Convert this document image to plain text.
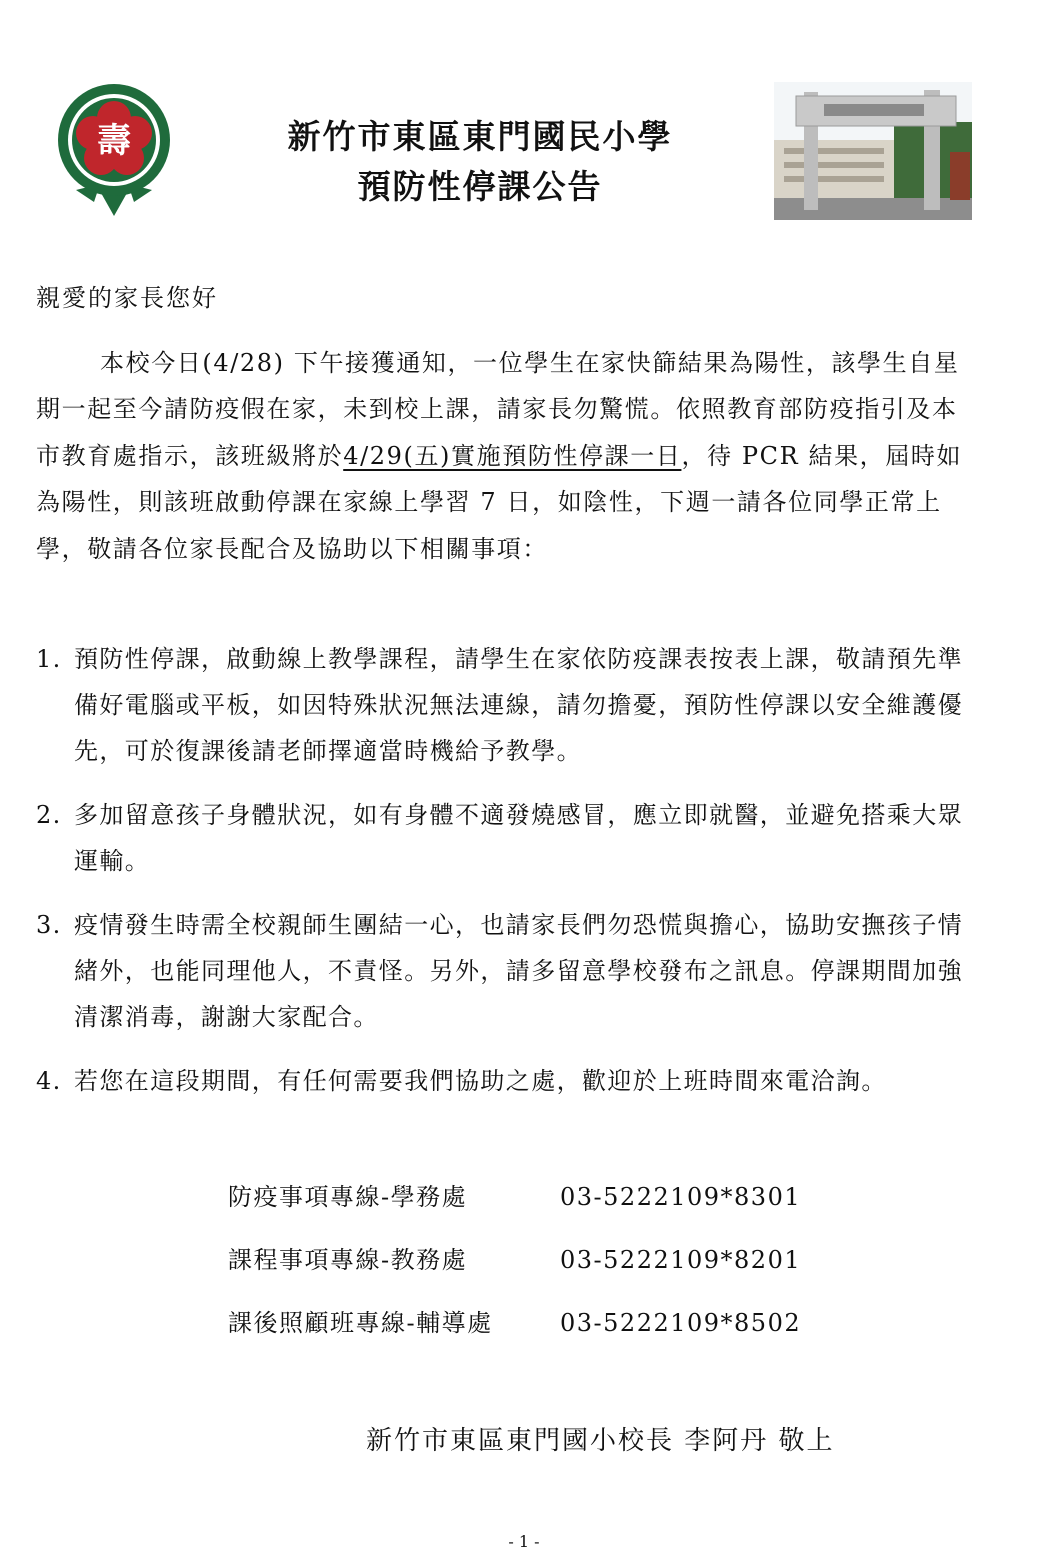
壽	新竹市東區東門國民小學
預防性停課公告
親愛的家長您好

本校今日(4/28) 下午接獲通知，一位學生在家快篩結果為陽性，該學生自星期一起至今請防疫假在家，未到校上課，請家長勿驚慌。依照教育部防疫指引及本市教育處指示，該班級將於4/29(五)實施預防性停課一日，待 PCR 結果，屆時如為陽性，則該班啟動停課在家線上學習 7 日，如陰性，下週一請各位同學正常上學，敬請各位家長配合及協助以下相關事項：

1. 預防性停課，啟動線上教學課程，請學生在家依防疫課表按表上課，敬請預先準備好電腦或平板，如因特殊狀況無法連線，請勿擔憂，預防性停課以安全維護優先，可於復課後請老師擇適當時機給予教學。
2. 多加留意孩子身體狀況，如有身體不適發燒感冒，應立即就醫，並避免搭乘大眾運輸。
3. 疫情發生時需全校親師生團結一心，也請家長們勿恐慌與擔心，協助安撫孩子情緒外，也能同理他人，不責怪。另外，請多留意學校發布之訊息。停課期間加強清潔消毒，謝謝大家配合。
4. 若您在這段期間，有任何需要我們協助之處，歡迎於上班時間來電洽詢。
防疫事項專線-學務處	03-5222109*8301
課程事項專線-教務處	03-5222109*8201
課後照顧班專線-輔導處	03-5222109*8502
新竹市東區東門國小校長 李阿丹 敬上
- 1 -
